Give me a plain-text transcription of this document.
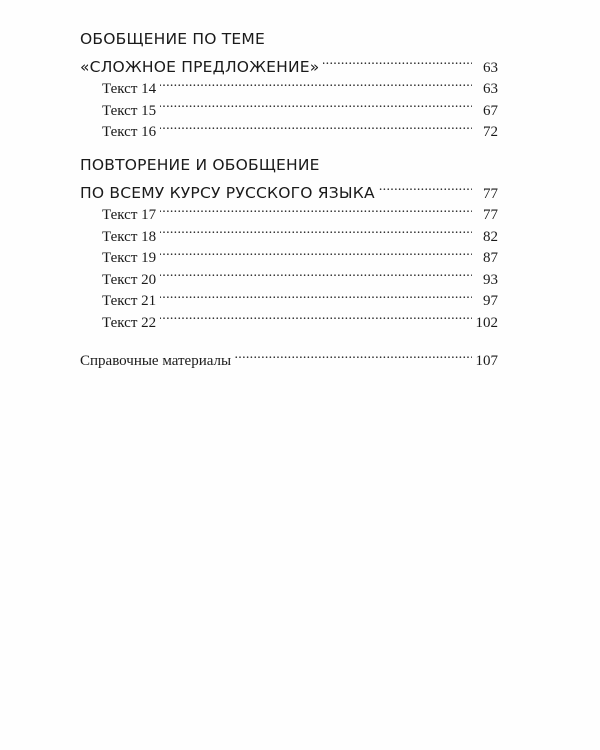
ОБОБЩЕНИЕ ПО ТЕМЕ
«СЛОЖНОЕ ПРЕДЛОЖЕНИЕ» . . .	63
Текст 14 . . .	63
Текст 15 . . .	67
Текст 16 . . .	72
ПОВТОРЕНИЕ И ОБОБЩЕНИЕ
ПО ВСЕМУ КУРСУ РУССКОГО ЯЗЫКА . . .	77
Текст 17 . . .	77
Текст 18 . . .	82
Текст 19 . . .	87
Текст 20 . . .	93
Текст 21 . . .	97
Текст 22 . . .	102
Справочные материалы . . .	107
